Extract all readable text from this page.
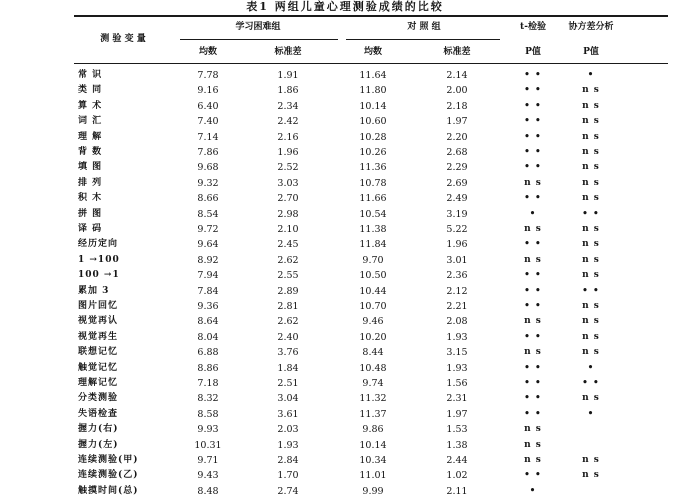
表1 两组儿童心理测验成绩的比较
测 验 变 量
学习困难组	对 照 组	t-检验	协方差分析
均数	标准差	均数	标准差	P值	P值
常 识	7.78	1.91	11.64	2.14	• •	•
类 同	9.16	1.86	11.80	2.00	• •	n s
算 术	6.40	2.34	10.14	2.18	• •	n s
词 汇	7.40	2.42	10.60	1.97	• •	n s
理 解	7.14	2.16	10.28	2.20	• •	n s
背 数	7.86	1.96	10.26	2.68	• •	n s
填 图	9.68	2.52	11.36	2.29	• •	n s
排 列	9.32	3.03	10.78	2.69	n s	n s
积 木	8.66	2.70	11.66	2.49	• •	n s
拼 图	8.54	2.98	10.54	3.19	•	• •
译 码	9.72	2.10	11.38	5.22	n s	n s
经历定向	9.64	2.45	11.84	1.96	• •	n s
1 →100	8.92	2.62	9.70	3.01	n s	n s
100 →1	7.94	2.55	10.50	2.36	• •	n s
累加 3	7.84	2.89	10.44	2.12	• •	• •
图片回忆	9.36	2.81	10.70	2.21	• •	n s
视觉再认	8.64	2.62	9.46	2.08	n s	n s
视觉再生	8.04	2.40	10.20	1.93	• •	n s
联想记忆	6.88	3.76	8.44	3.15	n s	n s
触觉记忆	8.86	1.84	10.48	1.93	• •	•
理解记忆	7.18	2.51	9.74	1.56	• •	• •
分类测验	8.32	3.04	11.32	2.31	• •	n s
失语检查	8.58	3.61	11.37	1.97	• •	•
握力(右)	9.93	2.03	9.86	1.53	n s
握力(左)	10.31	1.93	10.14	1.38	n s
连续测验(甲)	9.71	2.84	10.34	2.44	n s	n s
连续测验(乙)	9.43	1.70	11.01	1.02	• •	n s
触摸时间(总)	8.48	2.74	9.99	2.11	•
